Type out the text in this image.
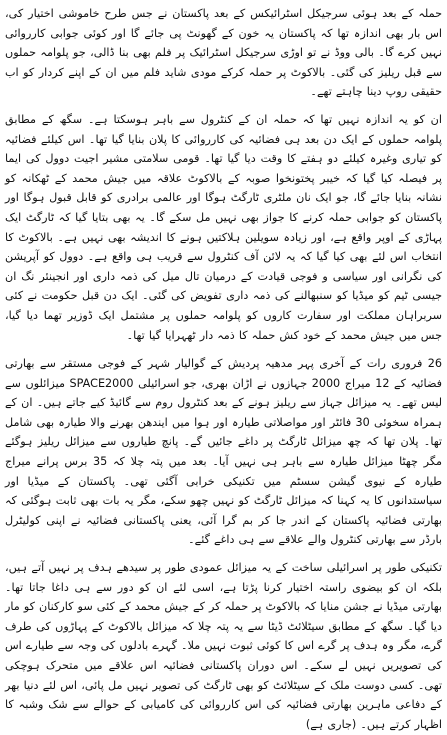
حملہ کے بعد ہوئی سرجیکل اسٹرائیکس کے بعد پاکستان نے جس طرح خاموشی اختیار کی، اس بار بھی اندازہ تھا کہ پاکستان یہ خون کے گھونٹ پی جائے گا اور کوئی جوابی کارروائی نہیں کرے گا۔ بالی ووڈ نے تو اوڑی سرجیکل اسٹرائیک پر فلم بھی بنا ڈالی، جو پلوامہ حملوں سے قبل ریلیز کی گئی۔ بالاکوٹ پر حملہ کرکے مودی شاید فلم میں ان کے اپنے کردار کو اب حقیقی روپ دینا چاہتے تھے۔

ان کو یہ اندازہ نہیں تھا کہ حملہ ان کے کنٹرول سے باہر ہوسکتا ہے۔ سگھ کے مطابق پلوامہ حملوں کے ایک دن بعد ہی فضائیہ کی کارروائی کا پلان بنایا گیا تھا۔ اس کیلئے فضائیہ کو تیاری وغیرہ کیلئے دو ہفتے کا وقت دیا گیا تھا۔ قومی سلامتی مشیر اجیت دوول کی ایما پر فیصلہ کیا گیا کہ خیبر پختونخوا صوبہ کے بالاکوٹ علاقہ میں جیش محمد کے ٹھکانہ کو نشانہ بنایا جائے گا، جو ایک نان ملٹری ٹارگٹ ہوگا اور عالمی برادری کو قابل قبول ہوگا اور پاکستان کو جوابی حملہ کرنے کا جواز بھی نہیں مل سکے گا۔ یہ بھی بتایا گیا کہ ٹارگٹ ایک پہاڑی کے اوپر واقع ہے، اور زیادہ سویلین ہلاکتیں ہونے کا اندیشہ بھی نہیں ہے۔ بالاکوٹ کا انتخاب اس لئے بھی کیا گیا کہ یہ لائن آف کنٹرول سے قریب ہی واقع ہے۔ دوول کو آپریشن کی نگرانی اور سیاسی و فوجی قیادت کے درمیان تال میل کی ذمہ داری اور انجینئر نگ ان جیسی ٹیم کو میڈیا کو سنبھالنے کی ذمہ داری تفویض کی گئی۔ ایک دن قبل حکومت نے کئی سربراہان مملکت اور سفارت کاروں کو پلوامہ حملوں پر مشتمل ایک ڈوزیر تھما دیا گیا، جس میں جیش محمد کے خود کش حملہ کا ذمہ دار ٹھہرایا گیا تھا۔

26 فروری رات کے آخری پہر مدھیہ پردیش کے گوالیار شہر کے فوجی مستقر سے بھارتی فضائیہ کے 12 میراج 2000 جہازوں نے اڑان بھری، جو اسرائیلی SPACE2000 میزائلوں سے لیس تھے۔ یہ میزائل جہاز سے ریلیز ہونے کے بعد کنٹرول روم سے گائیڈ کیے جاتے ہیں۔ ان کے ہمراہ سخوئی 30 فائٹر اور مواصلاتی طیارہ اور ہوا میں ایندھن بھرنے والا طیارہ بھی شامل تھا۔ پلان تھا کہ چھ میزائل ٹارگٹ پر داغے جائیں گے۔ پانچ طیاروں سے میزائل ریلیز ہوگئے مگر چھٹا میزائل طیارہ سے باہر ہی نہیں آیا۔ بعد میں پتہ چلا کہ 35 برس پرانے میراج طیارہ کے نیوی گیشن سسٹم میں تکنیکی خرابی آگئی تھی۔ پاکستان کے میڈیا اور سیاستدانوں کا یہ کہنا کہ میزائل ٹارگٹ کو نہیں چھو سکے، مگر یہ بات بھی ثابت ہوگئی کہ بھارتی فضائیہ پاکستان کے اندر جا کر بم گرا آئی، یعنی پاکستانی فضائیہ نے اپنی کولیٹرل بارڈر سے بھارتی کنٹرول والے علاقے سے ہی داغے گئے۔

تکنیکی طور پر اسرائیلی ساخت کے یہ میزائل عمودی طور پر سیدھے ہدف پر نہیں آتے ہیں، بلکہ ان کو بیضوی راستہ اختیار کرنا پڑتا ہے، اسی لئے ان کو دور سے ہی داغا جاتا تھا۔ بھارتی میڈیا نے جشن منایا کہ بالاکوٹ پر حملہ کر کے جیش محمد کے کئی سو کارکنان کو مار دیا گیا۔ سگھ کے مطابق سیٹلائٹ ڈیٹا سے یہ پتہ چلا کہ میزائل بالاکوٹ کے پہاڑوں کی طرف گرے، مگر وہ ہدف پر گرے اس کا کوئی ثبوت نہیں ملا۔ گہرے بادلوں کی وجہ سے طیارے اس کی تصویریں نہیں لے سکے۔ اس دوران پاکستانی فضائیہ اس علاقے میں متحرک ہوچکی تھی۔ کسی دوست ملک کے سیٹلائٹ کو بھی ٹارگٹ کی تصویر نہیں مل پائی، اس لئے دنیا بھر کے دفاعی ماہرین بھارتی فضائیہ کی اس کارروائی کی کامیابی کے حوالے سے شک وشبہ کا اظہار کرتے ہیں۔ (جاری ہے)
